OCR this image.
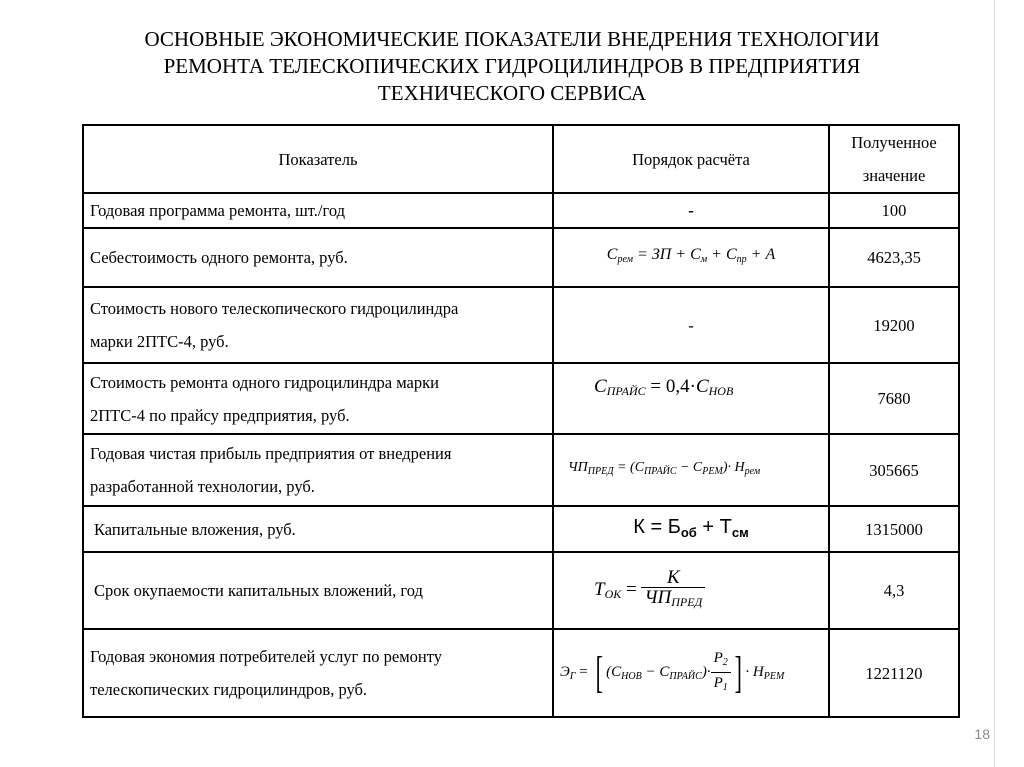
ОСНОВНЫЕ ЭКОНОМИЧЕСКИЕ ПОКАЗАТЕЛИ ВНЕДРЕНИЯ ТЕХНОЛОГИИ
РЕМОНТА ТЕЛЕСКОПИЧЕСКИХ ГИДРОЦИЛИНДРОВ В ПРЕДПРИЯТИЯ
ТЕХНИЧЕСКОГО СЕРВИСА
Показатель	Порядок расчёта	Полученное
значение
Годовая программа ремонта, шт./год	-	100
Себестоимость одного ремонта, руб.	$С_{рем}$ = ЗП + $С_м + С_{пр} + А$	4623,35
Стоимость нового телескопического гидроцилиндра
марки 2ПТС-4, руб.	-	19200
Стоимость ремонта одного гидроцилиндра марки
2ПТС-4 по прайсу предприятия, руб.	$С_{ПРАЙС} = 0,4\cdot С_{НОВ}$	7680
Годовая чистая прибыль предприятия от внедрения
разработанной технологии, руб.	$ЧП_{ПРЕД} = (С_{ПРАЙС} - С_{РЕМ})\cdot Н_{рем}$	305665
Капитальные вложения, руб.	$К = Б_{об} + Т_{см}$	1315000
Срок окупаемости капитальных вложений, год	$Т_{ОК} = \frac{К}{ЧП_{ПРЕД}}$	4,3
Годовая экономия потребителей услуг по ремонту
телескопических гидроцилиндров, руб.	$Э_Г$ = [ $(С_{НОВ} - С_{ПРАЙС})\cdot \frac{Р_2}{Р_1}$ ] · $Н_{РЕМ}$	1221120
18
